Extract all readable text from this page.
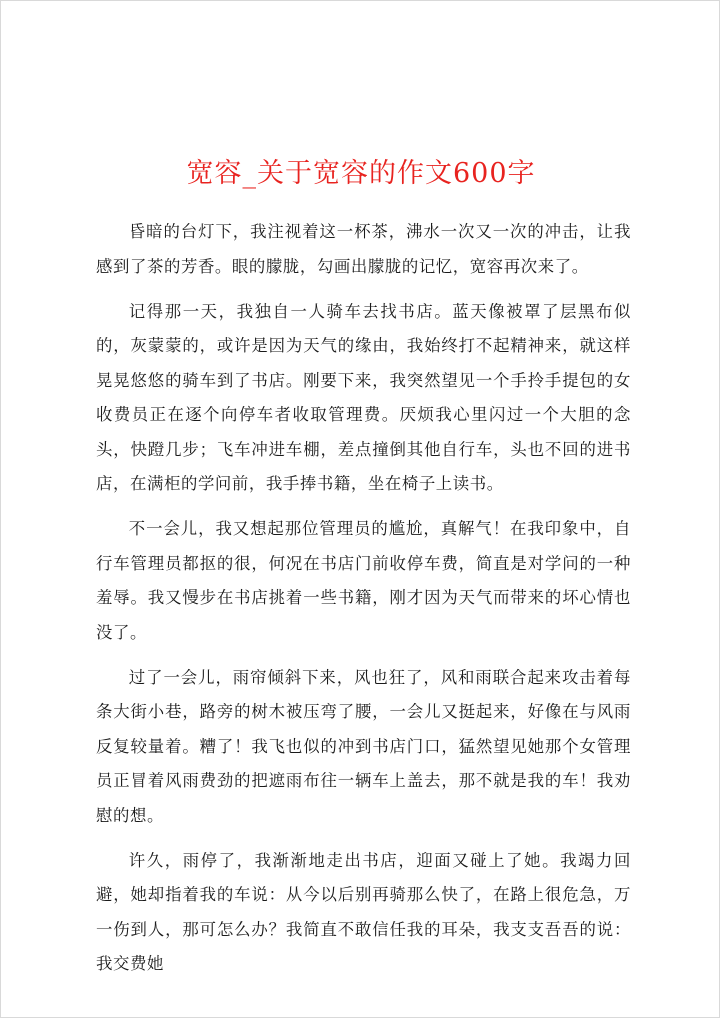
宽容_关于宽容的作文600字

昏暗的台灯下，我注视着这一杯茶，沸水一次又一次的冲击，让我感到了茶的芳香。眼的朦胧，勾画出朦胧的记忆，宽容再次来了。

记得那一天，我独自一人骑车去找书店。蓝天像被罩了层黑布似的，灰蒙蒙的，或许是因为天气的缘由，我始终打不起精神来，就这样晃晃悠悠的骑车到了书店。刚要下来，我突然望见一个手拎手提包的女收费员正在逐个向停车者收取管理费。厌烦我心里闪过一个大胆的念头，快蹬几步；飞车冲进车棚，差点撞倒其他自行车，头也不回的进书店，在满柜的学问前，我手捧书籍，坐在椅子上读书。

不一会儿，我又想起那位管理员的尴尬，真解气！在我印象中，自行车管理员都抠的很，何况在书店门前收停车费，简直是对学问的一种羞辱。我又慢步在书店挑着一些书籍，刚才因为天气而带来的坏心情也没了。

过了一会儿，雨帘倾斜下来，风也狂了，风和雨联合起来攻击着每条大街小巷，路旁的树木被压弯了腰，一会儿又挺起来，好像在与风雨反复较量着。糟了！我飞也似的冲到书店门口，猛然望见她那个女管理员正冒着风雨费劲的把遮雨布往一辆车上盖去，那不就是我的车！我劝慰的想。

许久，雨停了，我渐渐地走出书店，迎面又碰上了她。我竭力回避，她却指着我的车说：从今以后别再骑那么快了，在路上很危急，万一伤到人，那可怎么办？我简直不敢信任我的耳朵，我支支吾吾的说：我交费她
